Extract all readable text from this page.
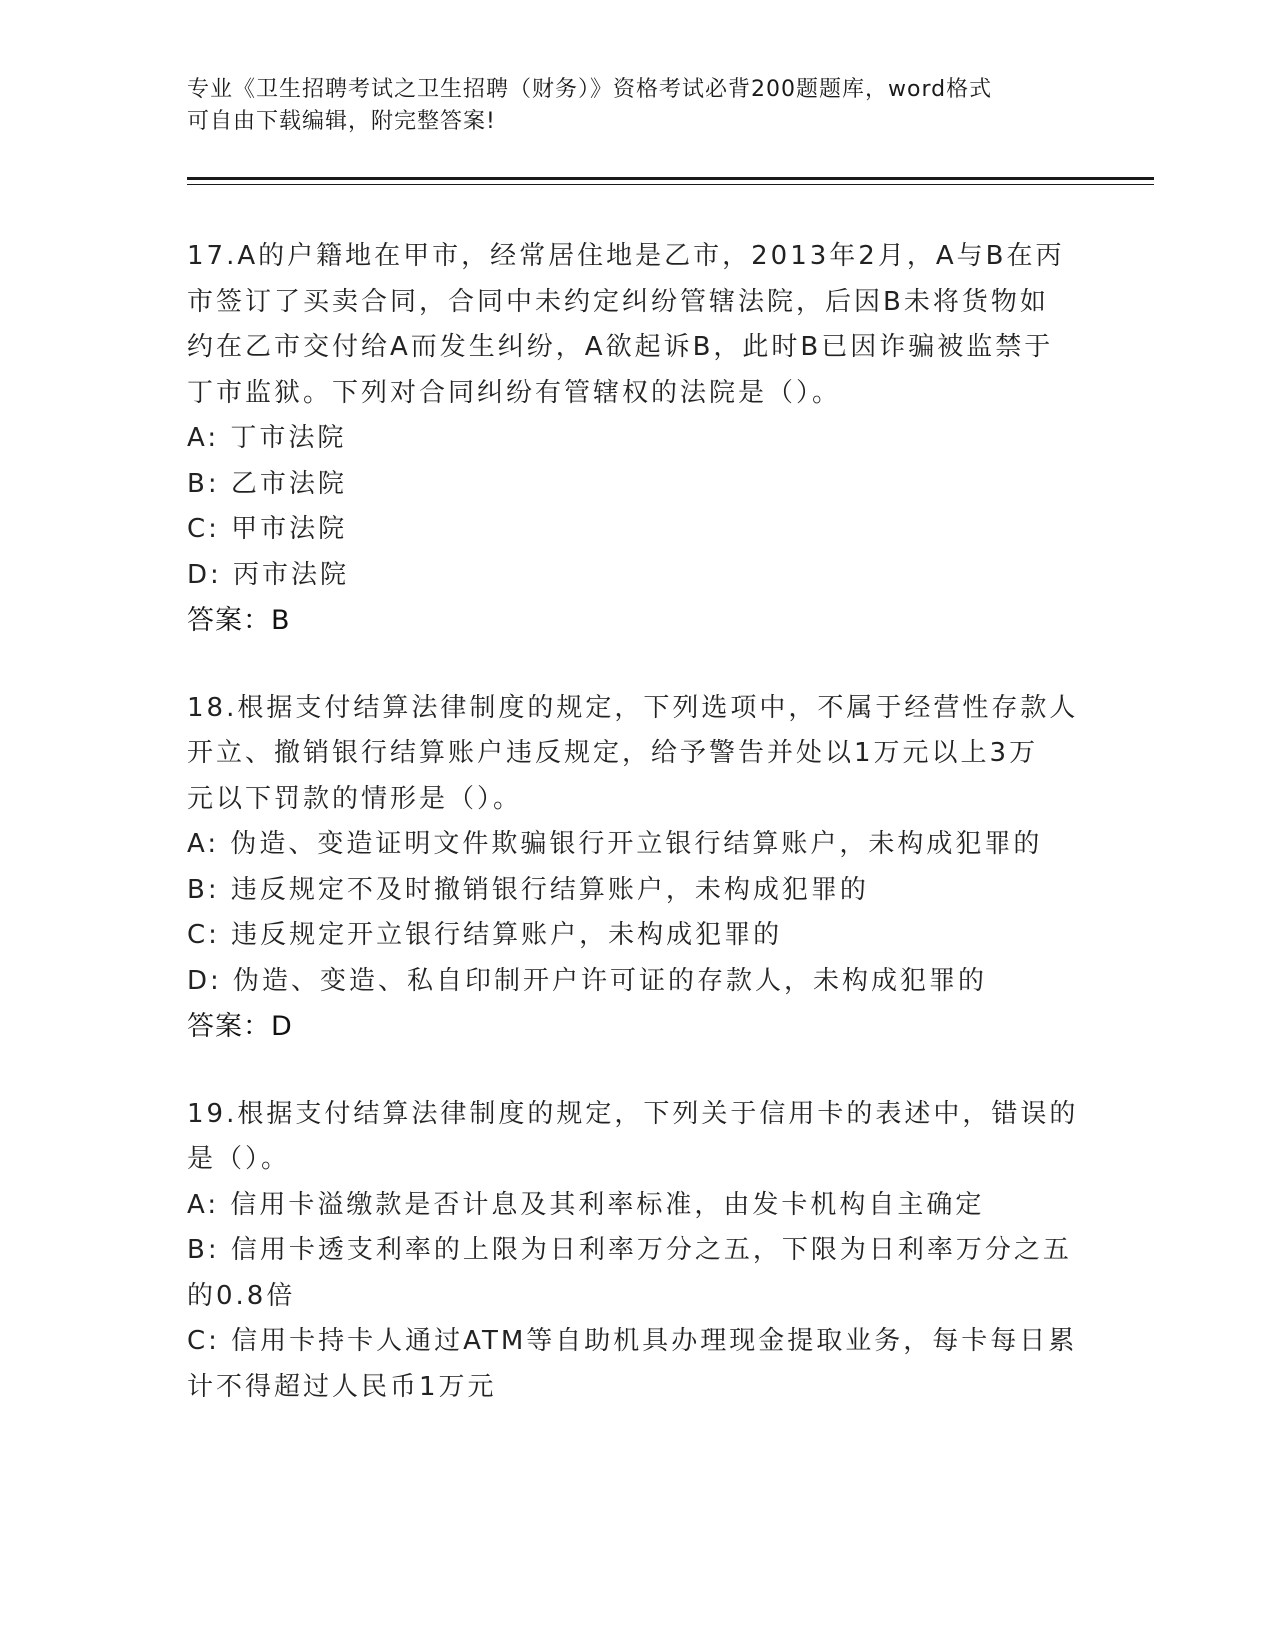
专业《卫生招聘考试之卫生招聘（财务）》资格考试必背200题题库，word格式

可自由下载编辑，附完整答案!

17.A的户籍地在甲市，经常居住地是乙市，2013年2月，A与B在丙

市签订了买卖合同，合同中未约定纠纷管辖法院，后因B未将货物如

约在乙市交付给A而发生纠纷，A欲起诉B，此时B已因诈骗被监禁于

丁市监狱。下列对合同纠纷有管辖权的法院是（）。

A: 丁市法院

B: 乙市法院

C: 甲市法院

D: 丙市法院

答案：B

18.根据支付结算法律制度的规定，下列选项中，不属于经营性存款人

开立、撤销银行结算账户违反规定，给予警告并处以1万元以上3万

元以下罚款的情形是（）。

A: 伪造、变造证明文件欺骗银行开立银行结算账户，未构成犯罪的

B: 违反规定不及时撤销银行结算账户，未构成犯罪的

C: 违反规定开立银行结算账户，未构成犯罪的

D: 伪造、变造、私自印制开户许可证的存款人，未构成犯罪的

答案：D

19.根据支付结算法律制度的规定，下列关于信用卡的表述中，错误的

是（）。

A: 信用卡溢缴款是否计息及其利率标准，由发卡机构自主确定

B: 信用卡透支利率的上限为日利率万分之五，下限为日利率万分之五

的0.8倍

C: 信用卡持卡人通过ATM等自助机具办理现金提取业务，每卡每日累

计不得超过人民币1万元
